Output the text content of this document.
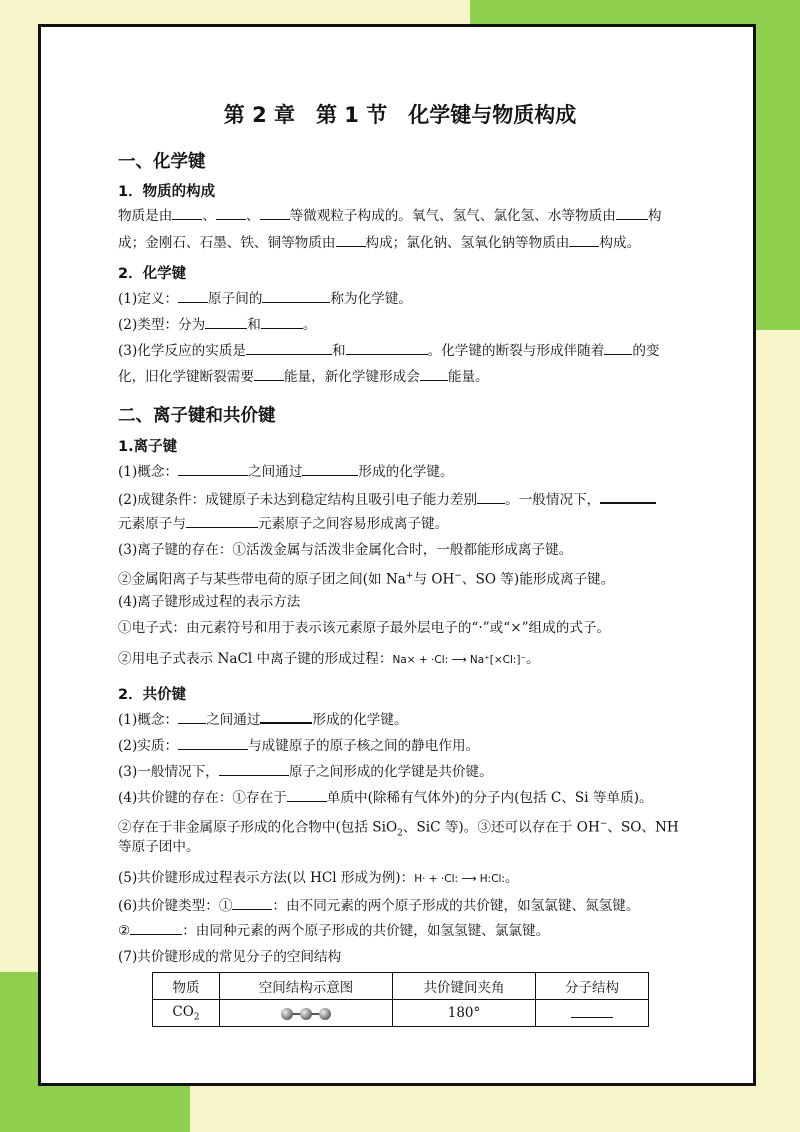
第 2 章　第 1 节　化学键与物质构成
一、化学键
1．物质的构成
物质是由 、 、 等微观粒子构成的。氧气、氢气、氯化氢、水等物质由 构
成；金刚石、石墨、铁、铜等物质由 构成；氯化钠、氢氧化钠等物质由 构成。
2．化学键
(1)定义： 原子间的	称为化学键。
(2)类型：分为	和	。
(3)化学反应的实质是	和	。化学键的断裂与形成伴随着 的变
化，旧化学键断裂需要 能量，新化学键形成会 能量。
二、离子键和共价键
1.离子键
(1)概念：	之间通过	形成的化学键。
(2)成键条件：成键原子未达到稳定结构且吸引电子能力差别 。一般情况下，
元素原子与	元素原子之间容易形成离子键。
(3)离子键的存在：①活泼金属与活泼非金属化合时，一般都能形成离子键。
②金属阳离子与某些带电荷的原子团之间(如 Na+与 OH−、SO 等)能形成离子键。
(4)离子键形成过程的表示方法
①电子式：由元素符号和用于表示该元素原子最外层电子的“·”或“×”组成的式子。
②用电子式表示 NaCl 中离子键的形成过程：Na× + ·Cl: ⟶ Na⁺[×Cl:]⁻。
2．共价键
(1)概念： 之间通过	形成的化学键。
(2)实质：	与成键原子的原子核之间的静电作用。
(3)一般情况下，	原子之间形成的化学键是共价键。
(4)共价键的存在：①存在于	单质中(除稀有气体外)的分子内(包括 C、Si 等单质)。
②存在于非金属原子形成的化合物中(包括 SiO$_2$、SiC 等)。③还可以存在于 OH−、SO、NH
等原子团中。
(5)共价键形成过程表示方法(以 HCl 形成为例)：H· + ·Cl: ⟶ H:Cl:。
(6)共价键类型：①	：由不同元素的两个原子形成的共价键，如氢氯键、氮氢键。
②	：由同种元素的两个原子形成的共价键，如氢氢键、氯氯键。
(7)共价键形成的常见分子的空间结构
物质	空间结构示意图	共价键间夹角	分子结构
$CO_2$		180°	
